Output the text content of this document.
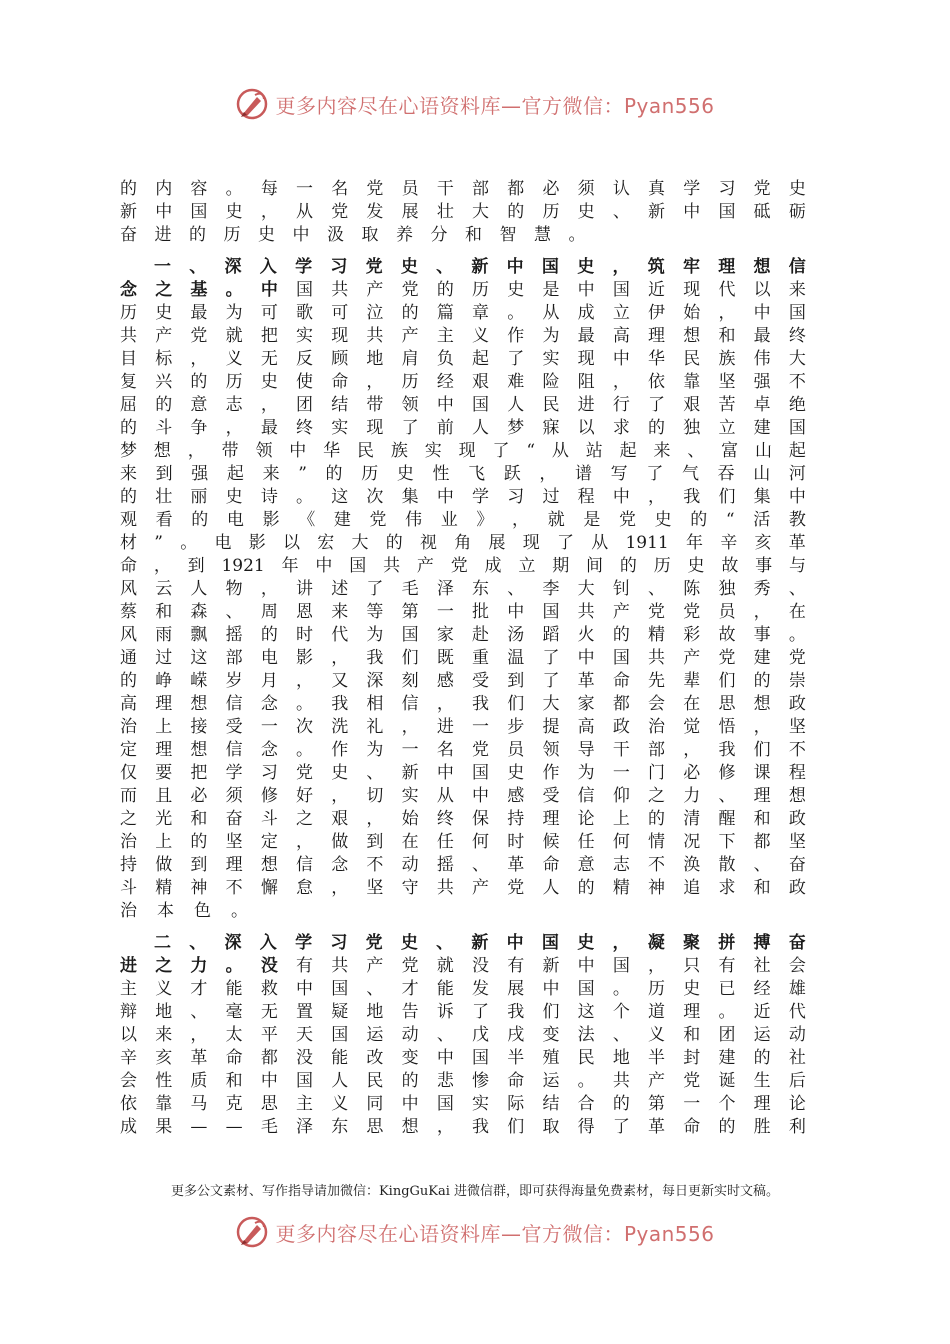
更多内容尽在心语资料库—官方微信：Pyan556
的 内 容 。 每 一 名 党 员 干 部 都 必 须 认 真 学 习 党 史
新 中 国 史 ， 从 党 发 展 壮 大 的 历 史 、 新 中 国 砥 砺
奋 进 的 历 史 中 汲 取 养 分 和 智 慧 。
一 、 深 入 学 习 党 史 、 新 中 国 史 ， 筑 牢 理 想 信
念 之 基 。 中 国 共 产 党 的 历 史 是 中 国 近 现 代 以 来
历 史 最 为 可 歌 可 泣 的 篇 章 。 从 成 立 伊 始 ， 中 国
共 产 党 就 把 实 现 共 产 主 义 作 为 最 高 理 想 和 最 终
目 标 ， 义 无 反 顾 地 肩 负 起 了 实 现 中 华 民 族 伟 大
复 兴 的 历 史 使 命 ， 历 经 艰 难 险 阻 ， 依 靠 坚 强 不
屈 的 意 志 ， 团 结 带 领 中 国 人 民 进 行 了 艰 苦 卓 绝
的 斗 争 ， 最 终 实 现 了 前 人 梦 寐 以 求 的 独 立 建 国
梦 想 ， 带 领 中 华 民 族 实 现 了 “ 从 站 起 来 、 富 山 起
来 到 强 起 来 ” 的 历 史 性 飞 跃 ， 谱 写 了 气 吞 山 河
的 壮 丽 史 诗 。 这 次 集 中 学 习 过 程 中 ， 我 们 集 中
观 看 的 电 影 《 建 党 伟 业 》 ， 就 是 党 史 的 “ 活 教
材 ” 。 电 影 以 宏 大 的 视 角 展 现 了 从 1911 年 辛 亥 革
命 ， 到 1921 年 中 国 共 产 党 成 立 期 间 的 历 史 故 事 与
风 云 人 物 ， 讲 述 了 毛 泽 东 、 李 大 钊 、 陈 独 秀 、
蔡 和 森 、 周 恩 来 等 第 一 批 中 国 共 产 党 党 员 ， 在
风 雨 飘 摇 的 时 代 为 国 家 赴 汤 蹈 火 的 精 彩 故 事 。
通 过 这 部 电 影 ， 我 们 既 重 温 了 中 国 共 产 党 建 党
的 峥 嵘 岁 月 ， 又 深 刻 感 受 到 了 革 命 先 辈 们 的 崇
高 理 想 信 念 。 我 相 信 ， 我 们 大 家 都 会 在 思 想 政
治 上 接 受 一 次 洗 礼 ， 进 一 步 提 高 政 治 觉 悟 ， 坚
定 理 想 信 念 。 作 为 一 名 党 员 领 导 干 部 ， 我 们 不
仅 要 把 学 习 党 史 、 新 中 国 史 作 为 一 门 必 修 课 程
而 且 必 须 修 好 ， 切 实 从 中 感 受 信 仰 之 力 、 理 想
之 光 和 奋 斗 之 艰 ， 始 终 保 持 理 论 上 的 清 醒 和 政
治 上 的 坚 定 ， 做 到 在 任 何 时 候 任 何 情 况 下 都 坚
持 做 到 理 想 信 念 不 动 摇 、 革 命 意 志 不 涣 散 、 奋
斗 精 神 不 懈 怠 ， 坚 守 共 产 党 人 的 精 神 追 求 和 政
治 本 色 。
二 、 深 入 学 习 党 史 、 新 中 国 史 ， 凝 聚 拼 搏 奋
进 之 力 。 没 有 共 产 党 就 没 有 新 中 国 ， 只 有 社 会
主 义 才 能 救 中 国 、 才 能 发 展 中 国 。 历 史 已 经 雄
辩 地 、 毫 无 置 疑 地 告 诉 了 我 们 这 个 道 理 。 近 代
以 来 ， 太 平 天 国 运 动 、 戊 戌 变 法 、 义 和 团 运 动
辛 亥 革 命 都 没 能 改 变 中 国 半 殖 民 地 半 封 建 的 社
会 性 质 和 中 国 人 民 的 悲 惨 命 运 。 共 产 党 诞 生 后
依 靠 马 克 思 主 义 同 中 国 实 际 结 合 的 第 一 个 理 论
成 果 — — 毛 泽 东 思 想 ， 我 们 取 得 了 革 命 的 胜 利
更多公文素材、写作指导请加微信：KingGuKai 进微信群，即可获得海量免费素材，每日更新实时文稿。
更多内容尽在心语资料库—官方微信：Pyan556
